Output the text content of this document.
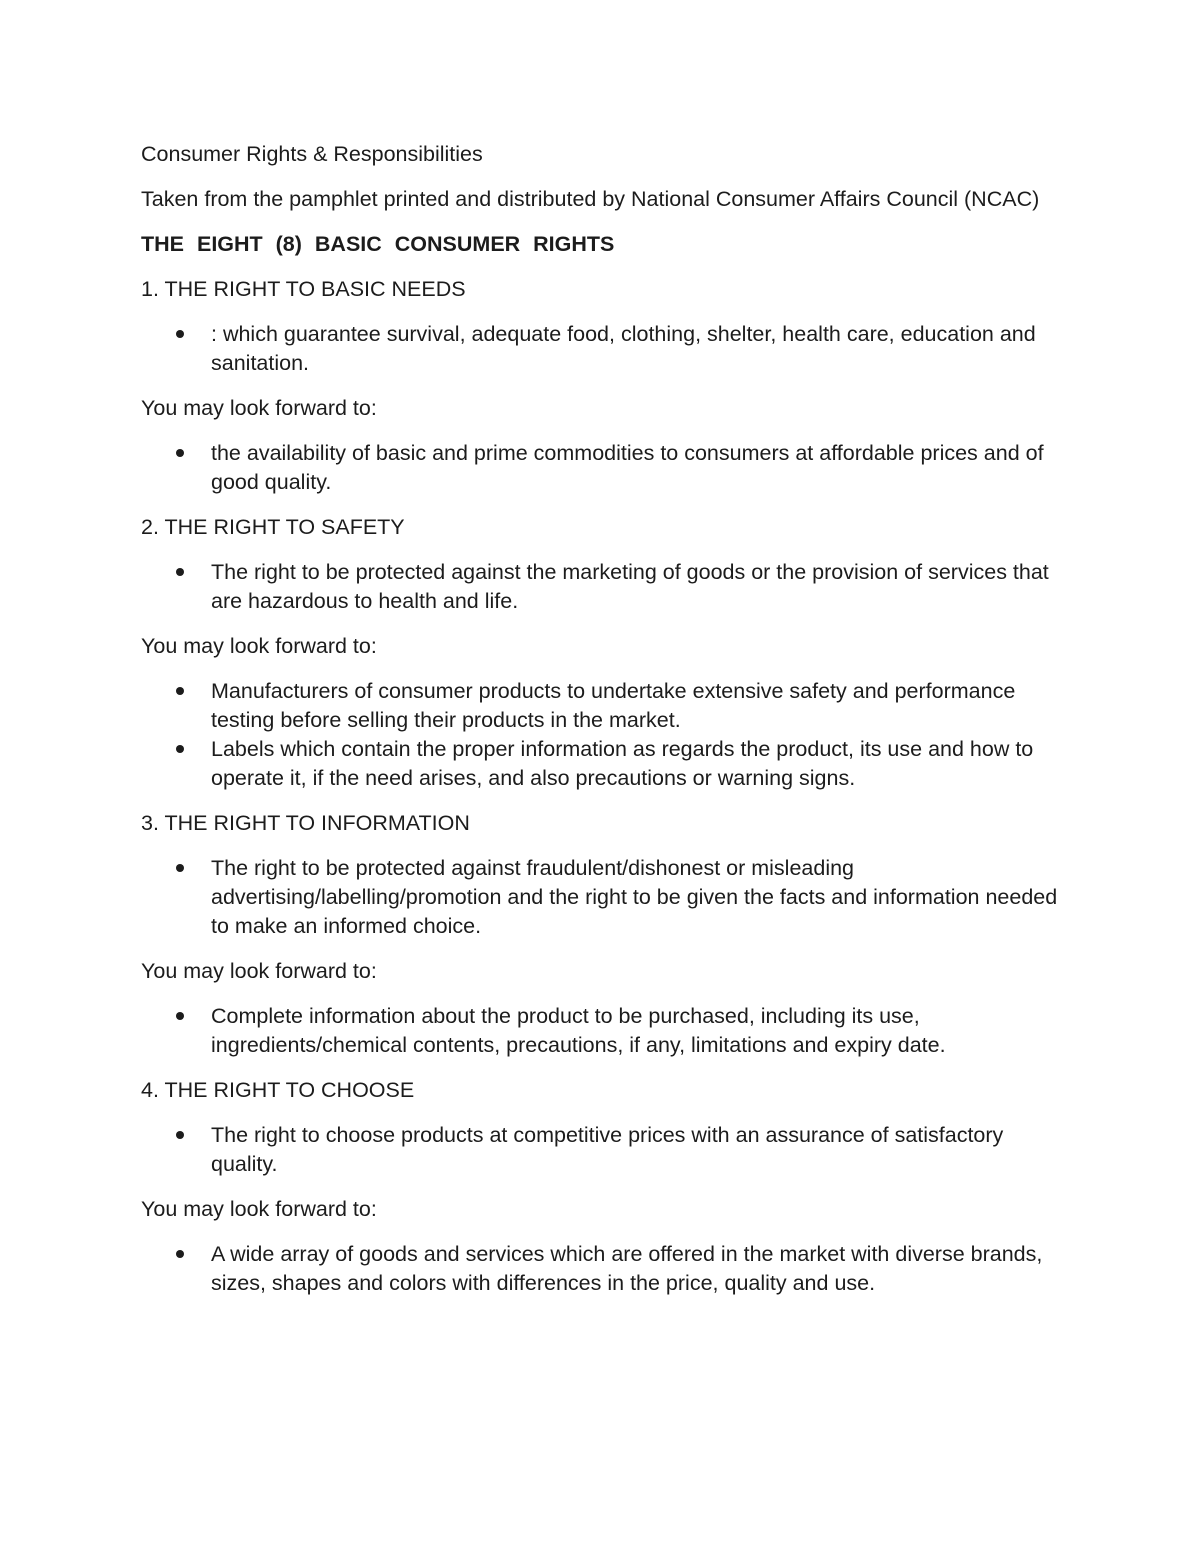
Consumer Rights & Responsibilities

Taken from the pamphlet printed and distributed by National Consumer Affairs Council (NCAC)

THE EIGHT (8) BASIC CONSUMER RIGHTS

1. THE RIGHT TO BASIC NEEDS

: which guarantee survival, adequate food, clothing, shelter, health care, education and sanitation.

You may look forward to:

the availability of basic and prime commodities to consumers at affordable prices and of good quality.

2. THE RIGHT TO SAFETY

The right to be protected against the marketing of goods or the provision of services that are hazardous to health and life.

You may look forward to:

Manufacturers of consumer products to undertake extensive safety and performance testing before selling their products in the market.
Labels which contain the proper information as regards the product, its use and how to operate it, if the need arises, and also precautions or warning signs.

3. THE RIGHT TO INFORMATION

The right to be protected against fraudulent/dishonest or misleading advertising/labelling/promotion and the right to be given the facts and information needed to make an informed choice.

You may look forward to:

Complete information about the product to be purchased, including its use, ingredients/chemical contents, precautions, if any, limitations and expiry date.

4. THE RIGHT TO CHOOSE

The right to choose products at competitive prices with an assurance of satisfactory quality.

You may look forward to:

A wide array of goods and services which are offered in the market with diverse brands, sizes, shapes and colors with differences in the price, quality and use.
